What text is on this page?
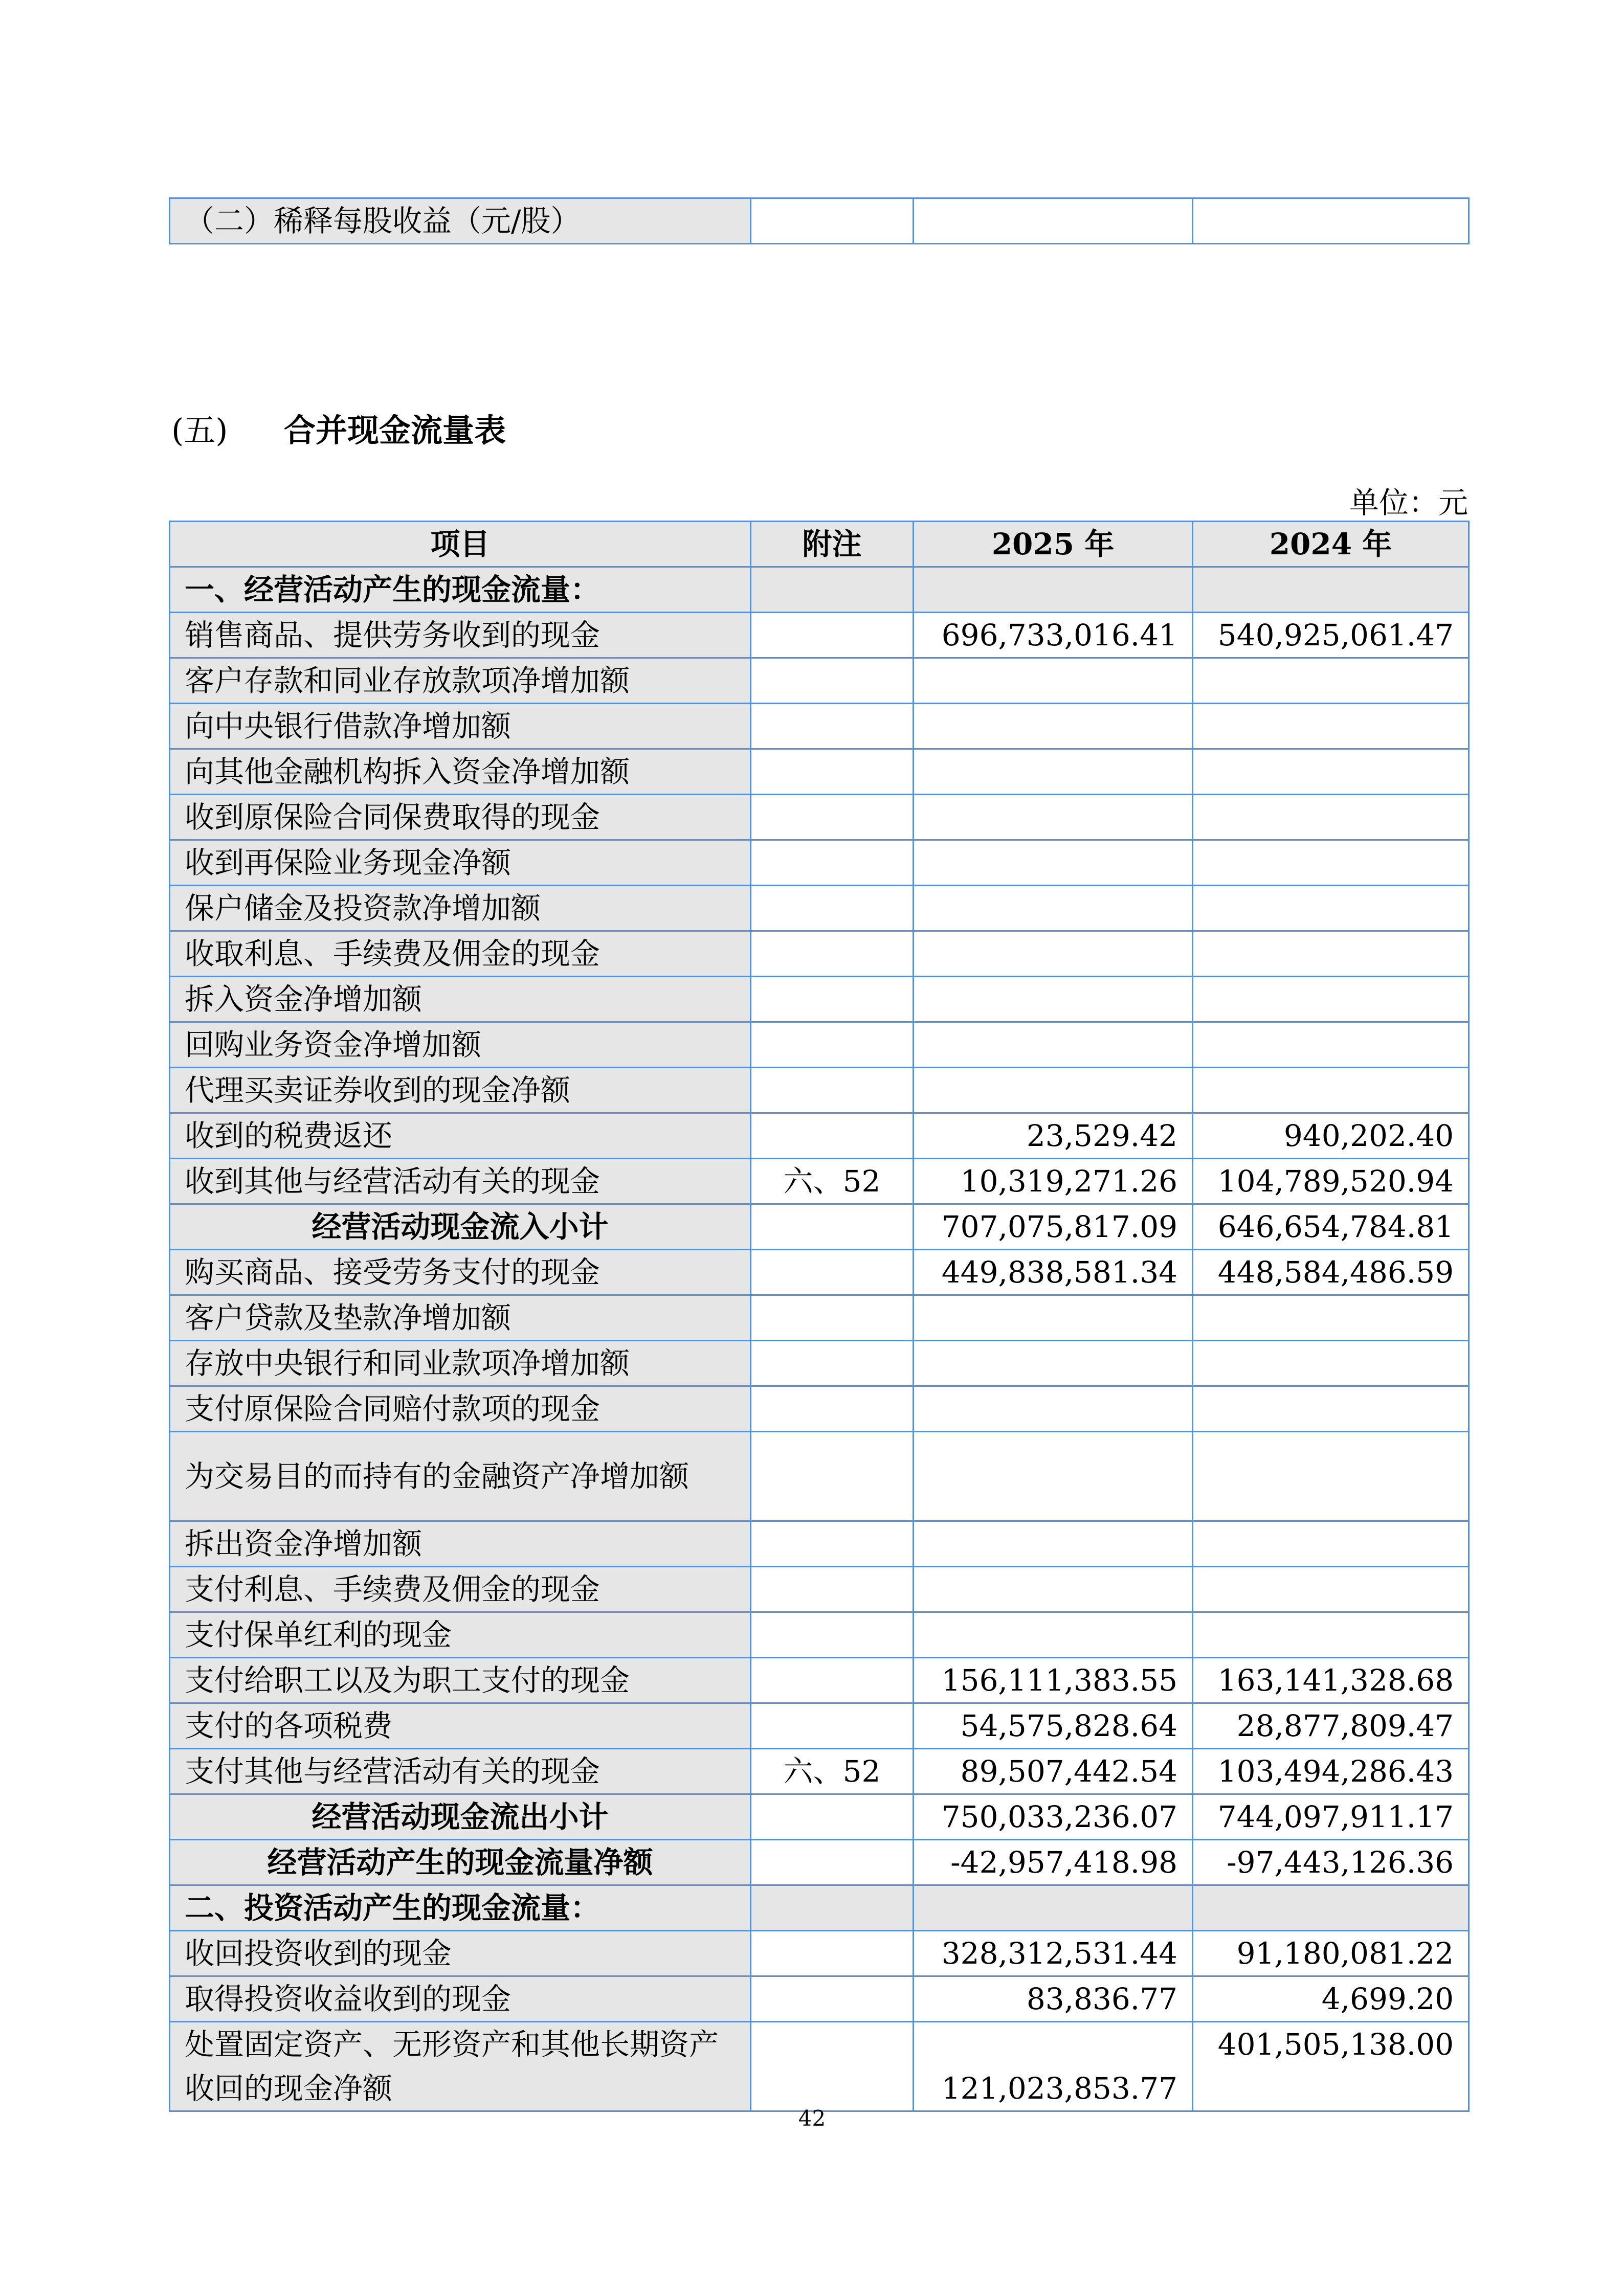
（二）稀释每股收益（元/股）			
(五) 合并现金流量表
单位：元
项目	附注	2025 年	2024 年
一、经营活动产生的现金流量：			
销售商品、提供劳务收到的现金		696,733,016.41	540,925,061.47
客户存款和同业存放款项净增加额			
向中央银行借款净增加额			
向其他金融机构拆入资金净增加额			
收到原保险合同保费取得的现金			
收到再保险业务现金净额			
保户储金及投资款净增加额			
收取利息、手续费及佣金的现金			
拆入资金净增加额			
回购业务资金净增加额			
代理买卖证券收到的现金净额			
收到的税费返还		23,529.42	940,202.40
收到其他与经营活动有关的现金	六、52	10,319,271.26	104,789,520.94
经营活动现金流入小计		707,075,817.09	646,654,784.81
购买商品、接受劳务支付的现金		449,838,581.34	448,584,486.59
客户贷款及垫款净增加额			
存放中央银行和同业款项净增加额			
支付原保险合同赔付款项的现金			
为交易目的而持有的金融资产净增加额			
拆出资金净增加额			
支付利息、手续费及佣金的现金			
支付保单红利的现金			
支付给职工以及为职工支付的现金		156,111,383.55	163,141,328.68
支付的各项税费		54,575,828.64	28,877,809.47
支付其他与经营活动有关的现金	六、52	89,507,442.54	103,494,286.43
经营活动现金流出小计		750,033,236.07	744,097,911.17
经营活动产生的现金流量净额		-42,957,418.98	-97,443,126.36
二、投资活动产生的现金流量：			
收回投资收到的现金		328,312,531.44	91,180,081.22
取得投资收益收到的现金		83,836.77	4,699.20
处置固定资产、无形资产和其他长期资产收回的现金净额		121,023,853.77	401,505,138.00
42
